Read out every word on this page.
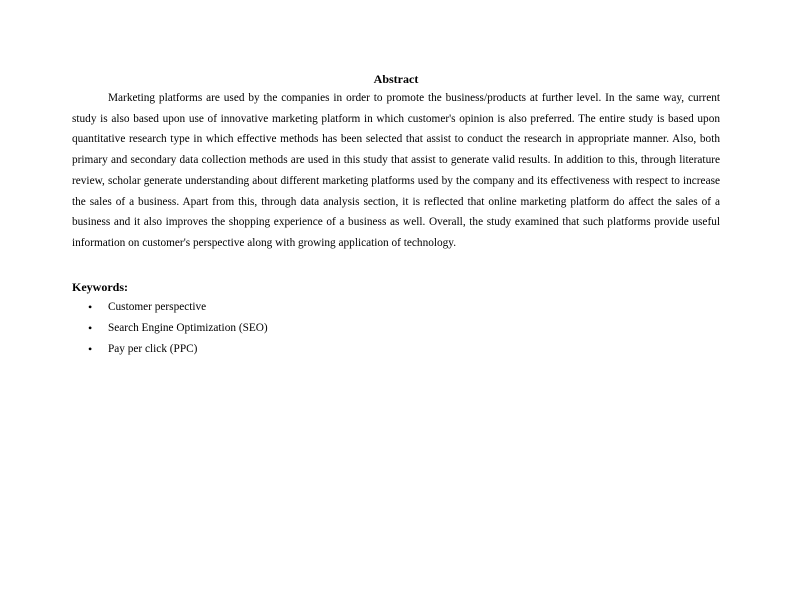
Abstract

Marketing platforms are used by the companies in order to promote the business/products at further level. In the same way, current study is also based upon use of innovative marketing platform in which customer's opinion is also preferred. The entire study is based upon quantitative research type in which effective methods has been selected that assist to conduct the research in appropriate manner. Also, both primary and secondary data collection methods are used in this study that assist to generate valid results. In addition to this, through literature review, scholar generate understanding about different marketing platforms used by the company and its effectiveness with respect to increase the sales of a business. Apart from this, through data analysis section, it is reflected that online marketing platform do affect the sales of a business and it also improves the shopping experience of a business as well. Overall, the study examined that such platforms provide useful information on customer's perspective along with growing application of technology.

Keywords:
• Customer perspective
• Search Engine Optimization (SEO)
• Pay per click (PPC)
